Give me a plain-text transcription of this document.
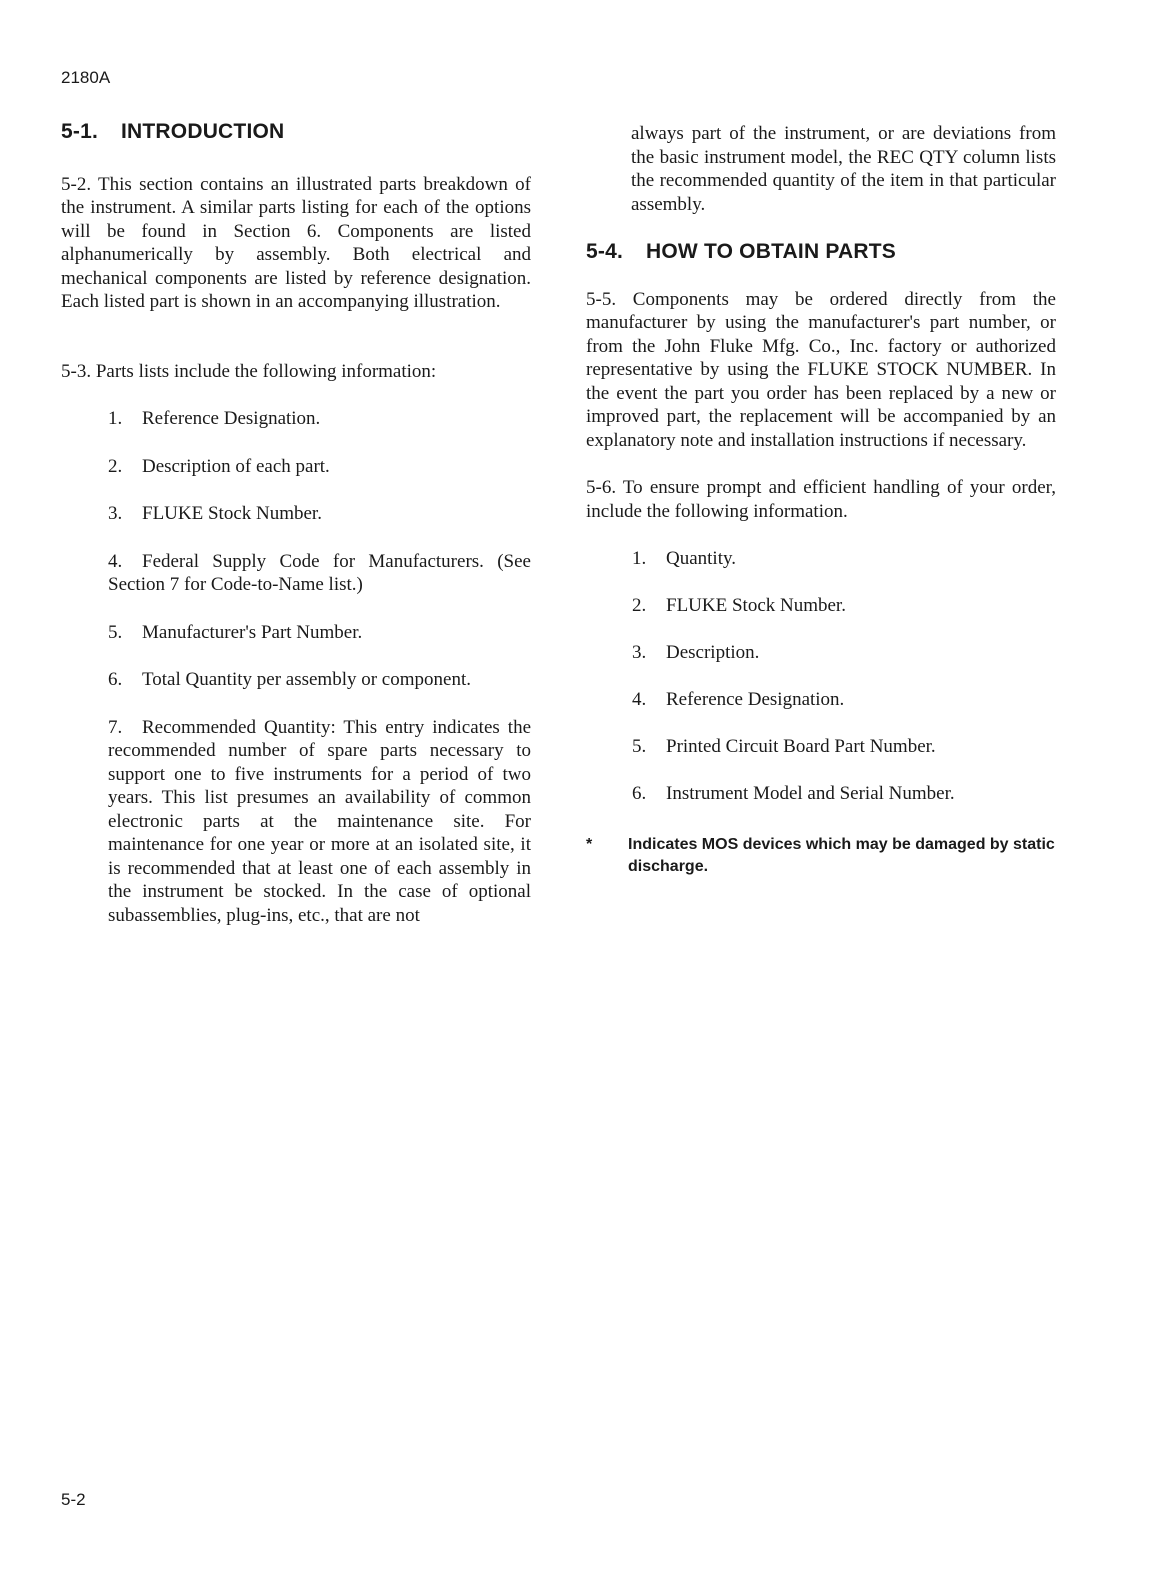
2180A
5-1. INTRODUCTION

5-2. This section contains an illustrated parts breakdown of the instrument. A similar parts listing for each of the options will be found in Section 6. Components are listed alphanumerically by assembly. Both electrical and mechanical components are listed by reference designation. Each listed part is shown in an accompanying illustration.

5-3. Parts lists include the following information:

1. Reference Designation.
2. Description of each part.
3. FLUKE Stock Number.
4. Federal Supply Code for Manufacturers. (See Section 7 for Code-to-Name list.)
5. Manufacturer's Part Number.
6. Total Quantity per assembly or component.
7. Recommended Quantity: This entry indicates the recommended number of spare parts necessary to support one to five instruments for a period of two years. This list presumes an availability of common electronic parts at the maintenance site. For maintenance for one year or more at an isolated site, it is recommended that at least one of each assembly in the instrument be stocked. In the case of optional subassemblies, plug-ins, etc., that are not

always part of the instrument, or are deviations from the basic instrument model, the REC QTY column lists the recommended quantity of the item in that particular assembly.

5-4. HOW TO OBTAIN PARTS

5-5. Components may be ordered directly from the manufacturer by using the manufacturer's part number, or from the John Fluke Mfg. Co., Inc. factory or authorized representative by using the FLUKE STOCK NUMBER. In the event the part you order has been replaced by a new or improved part, the replacement will be accompanied by an explanatory note and installation instructions if necessary.

5-6. To ensure prompt and efficient handling of your order, include the following information.

1. Quantity.
2. FLUKE Stock Number.
3. Description.
4. Reference Designation.
5. Printed Circuit Board Part Number.
6. Instrument Model and Serial Number.
* Indicates MOS devices which may be damaged by static discharge.
5-2
